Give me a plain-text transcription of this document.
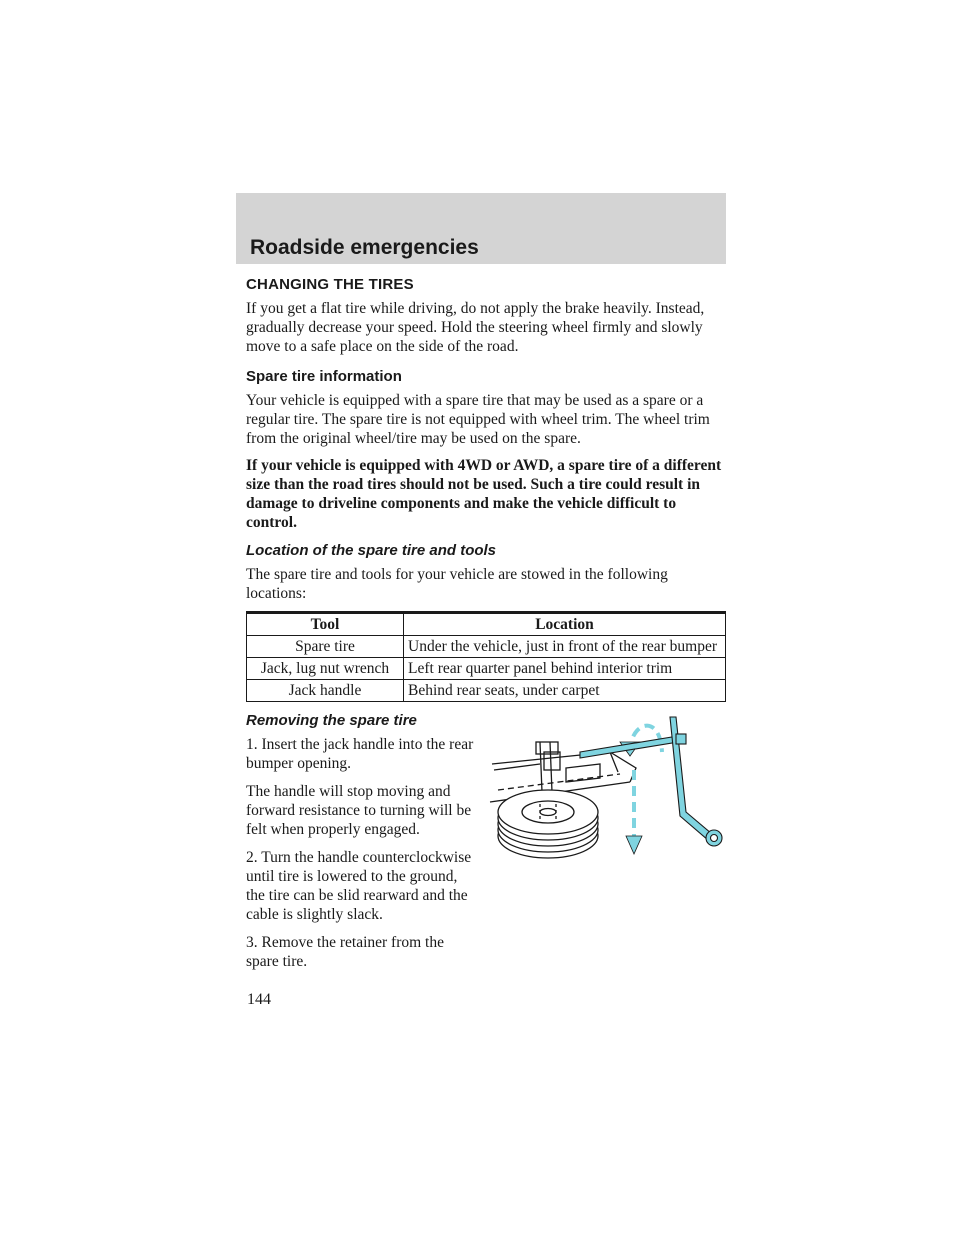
Roadside emergencies
CHANGING THE TIRES

If you get a flat tire while driving, do not apply the brake heavily. Instead, gradually decrease your speed. Hold the steering wheel firmly and slowly move to a safe place on the side of the road.

Spare tire information

Your vehicle is equipped with a spare tire that may be used as a spare or a regular tire. The spare tire is not equipped with wheel trim. The wheel trim from the original wheel/tire may be used on the spare.

If your vehicle is equipped with 4WD or AWD, a spare tire of a different size than the road tires should not be used. Such a tire could result in damage to driveline components and make the vehicle difficult to control.

Location of the spare tire and tools

The spare tire and tools for your vehicle are stowed in the following locations:

Tool	Location
Spare tire	Under the vehicle, just in front of the rear bumper
Jack, lug nut wrench	Left rear quarter panel behind interior trim
Jack handle	Behind rear seats, under carpet
Removing the spare tire

1. Insert the jack handle into the rear bumper opening.

The handle will stop moving and forward resistance to turning will be felt when properly engaged.

2. Turn the handle counterclockwise until tire is lowered to the ground, the tire can be slid rearward and the cable is slightly slack.

3. Remove the retainer from the spare tire.

144
